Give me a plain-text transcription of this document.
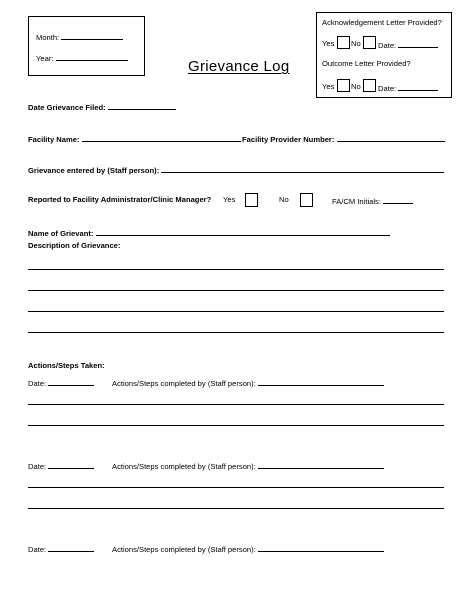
Month:
Year:	Grievance Log
Acknowledgement Letter Provided?
Yes No Date:
Outcome Letter Provided?
Yes No Date:
Date Grievance Filed:
Facility Name:	Facility Provider Number:
Grievance entered by (Staff person):
Reported to Facility Administrator/Clinic Manager? Yes	No	FA/CM Initials:
Name of Grievant:
Description of Grievance:
Actions/Steps Taken:
Date:	Actions/Steps completed by (Staff person):
Date:	Actions/Steps completed by (Staff person):
Date:	Actions/Steps completed by (Staff person):
